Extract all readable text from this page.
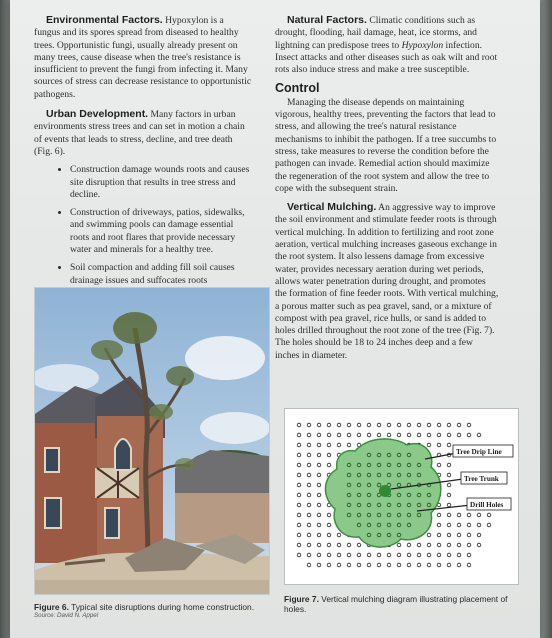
Environmental Factors. Hypoxylon is a fungus and its spores spread from diseased to healthy trees. Opportunistic fungi, usually already present on many trees, cause disease when the tree's resistance is insufficient to prevent the fungi from infecting it. Many sources of stress can decrease resistance to opportunistic pathogens.

Urban Development. Many factors in urban environments stress trees and can set in motion a chain of events that leads to stress, decline, and tree death (Fig. 6).

• Construction damage wounds roots and causes site disruption that results in tree stress and decline.
• Construction of driveways, patios, sidewalks, and swimming pools can damage essential roots and root flares that provide necessary water and minerals for a healthy tree.
• Soil compaction and adding fill soil causes drainage issues and suffocates roots
Figure 6. Typical site disruptions during home construction.
Source: David N. Appel

Natural Factors. Climatic conditions such as drought, flooding, hail damage, heat, ice storms, and lightning can predispose trees to Hypoxylon infection. Insect attacks and other diseases such as oak wilt and root rots also induce stress and make a tree susceptible.

Control

Managing the disease depends on maintaining vigorous, healthy trees, preventing the factors that lead to stress, and allowing the tree's natural resistance mechanisms to inhibit the pathogen. If a tree succumbs to stress, take measures to reverse the condition before the pathogen can invade. Remedial action should maximize the regeneration of the root system and allow the tree to cope with the subsequent strain.

Vertical Mulching. An aggressive way to improve the soil environment and stimulate feeder roots is through vertical mulching. In addition to fertilizing and root zone aeration, vertical mulching increases gaseous exchange in the root system. It also lessens damage from excessive water, provides necessary aeration during wet periods, allows water penetration during drought, and promotes the formation of fine feeder roots. With vertical mulching, a porous matter such as pea gravel, sand, or a mixture of compost with pea gravel, rice hulls, or sand is added to holes drilled throughout the root zone of the tree (Fig. 7). The holes should be 18 to 24 inches deep and a few inches in diameter.

Tree Drip Line
Tree Trunk
Drill Holes
Figure 7. Vertical mulching diagram illustrating placement of holes.
